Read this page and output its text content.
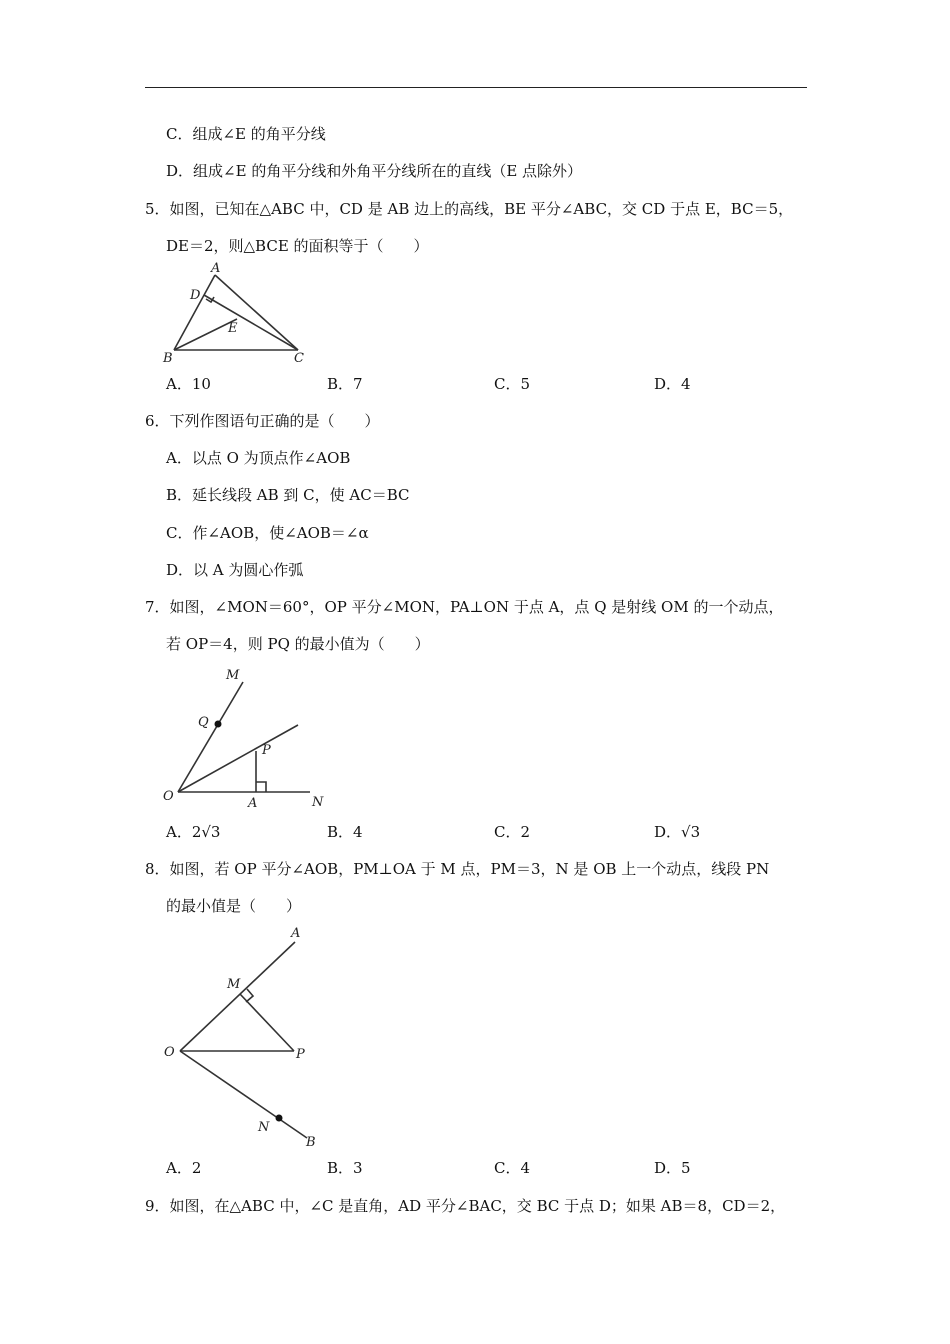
C．组成∠E 的角平分线
D．组成∠E 的角平分线和外角平分线所在的直线（E 点除外）
5．如图，已知在△ABC 中，CD 是 AB 边上的高线，BE 平分∠ABC，交 CD 于点 E，BC＝5，
DE＝2，则△BCE 的面积等于（　　）
A
D
E
B	C
A．10	B．7	C．5	D．4
6．下列作图语句正确的是（　　）
A．以点 O 为顶点作∠AOB
B．延长线段 AB 到 C，使 AC＝BC
C．作∠AOB，使∠AOB＝∠α
D．以 A 为圆心作弧
7．如图，∠MON＝60°，OP 平分∠MON，PA⊥ON 于点 A，点 Q 是射线 OM 的一个动点，
若 OP＝4，则 PQ 的最小值为（　　）
M
Q
P
O	A	N
A．2√3	B．4	C．2	D．√3
8．如图，若 OP 平分∠AOB，PM⊥OA 于 M 点，PM＝3，N 是 OB 上一个动点，线段 PN
的最小值是（　　）
A
M
O	P
N
B
A．2	B．3	C．4	D．5
9．如图，在△ABC 中，∠C 是直角，AD 平分∠BAC，交 BC 于点 D；如果 AB＝8，CD＝2，
